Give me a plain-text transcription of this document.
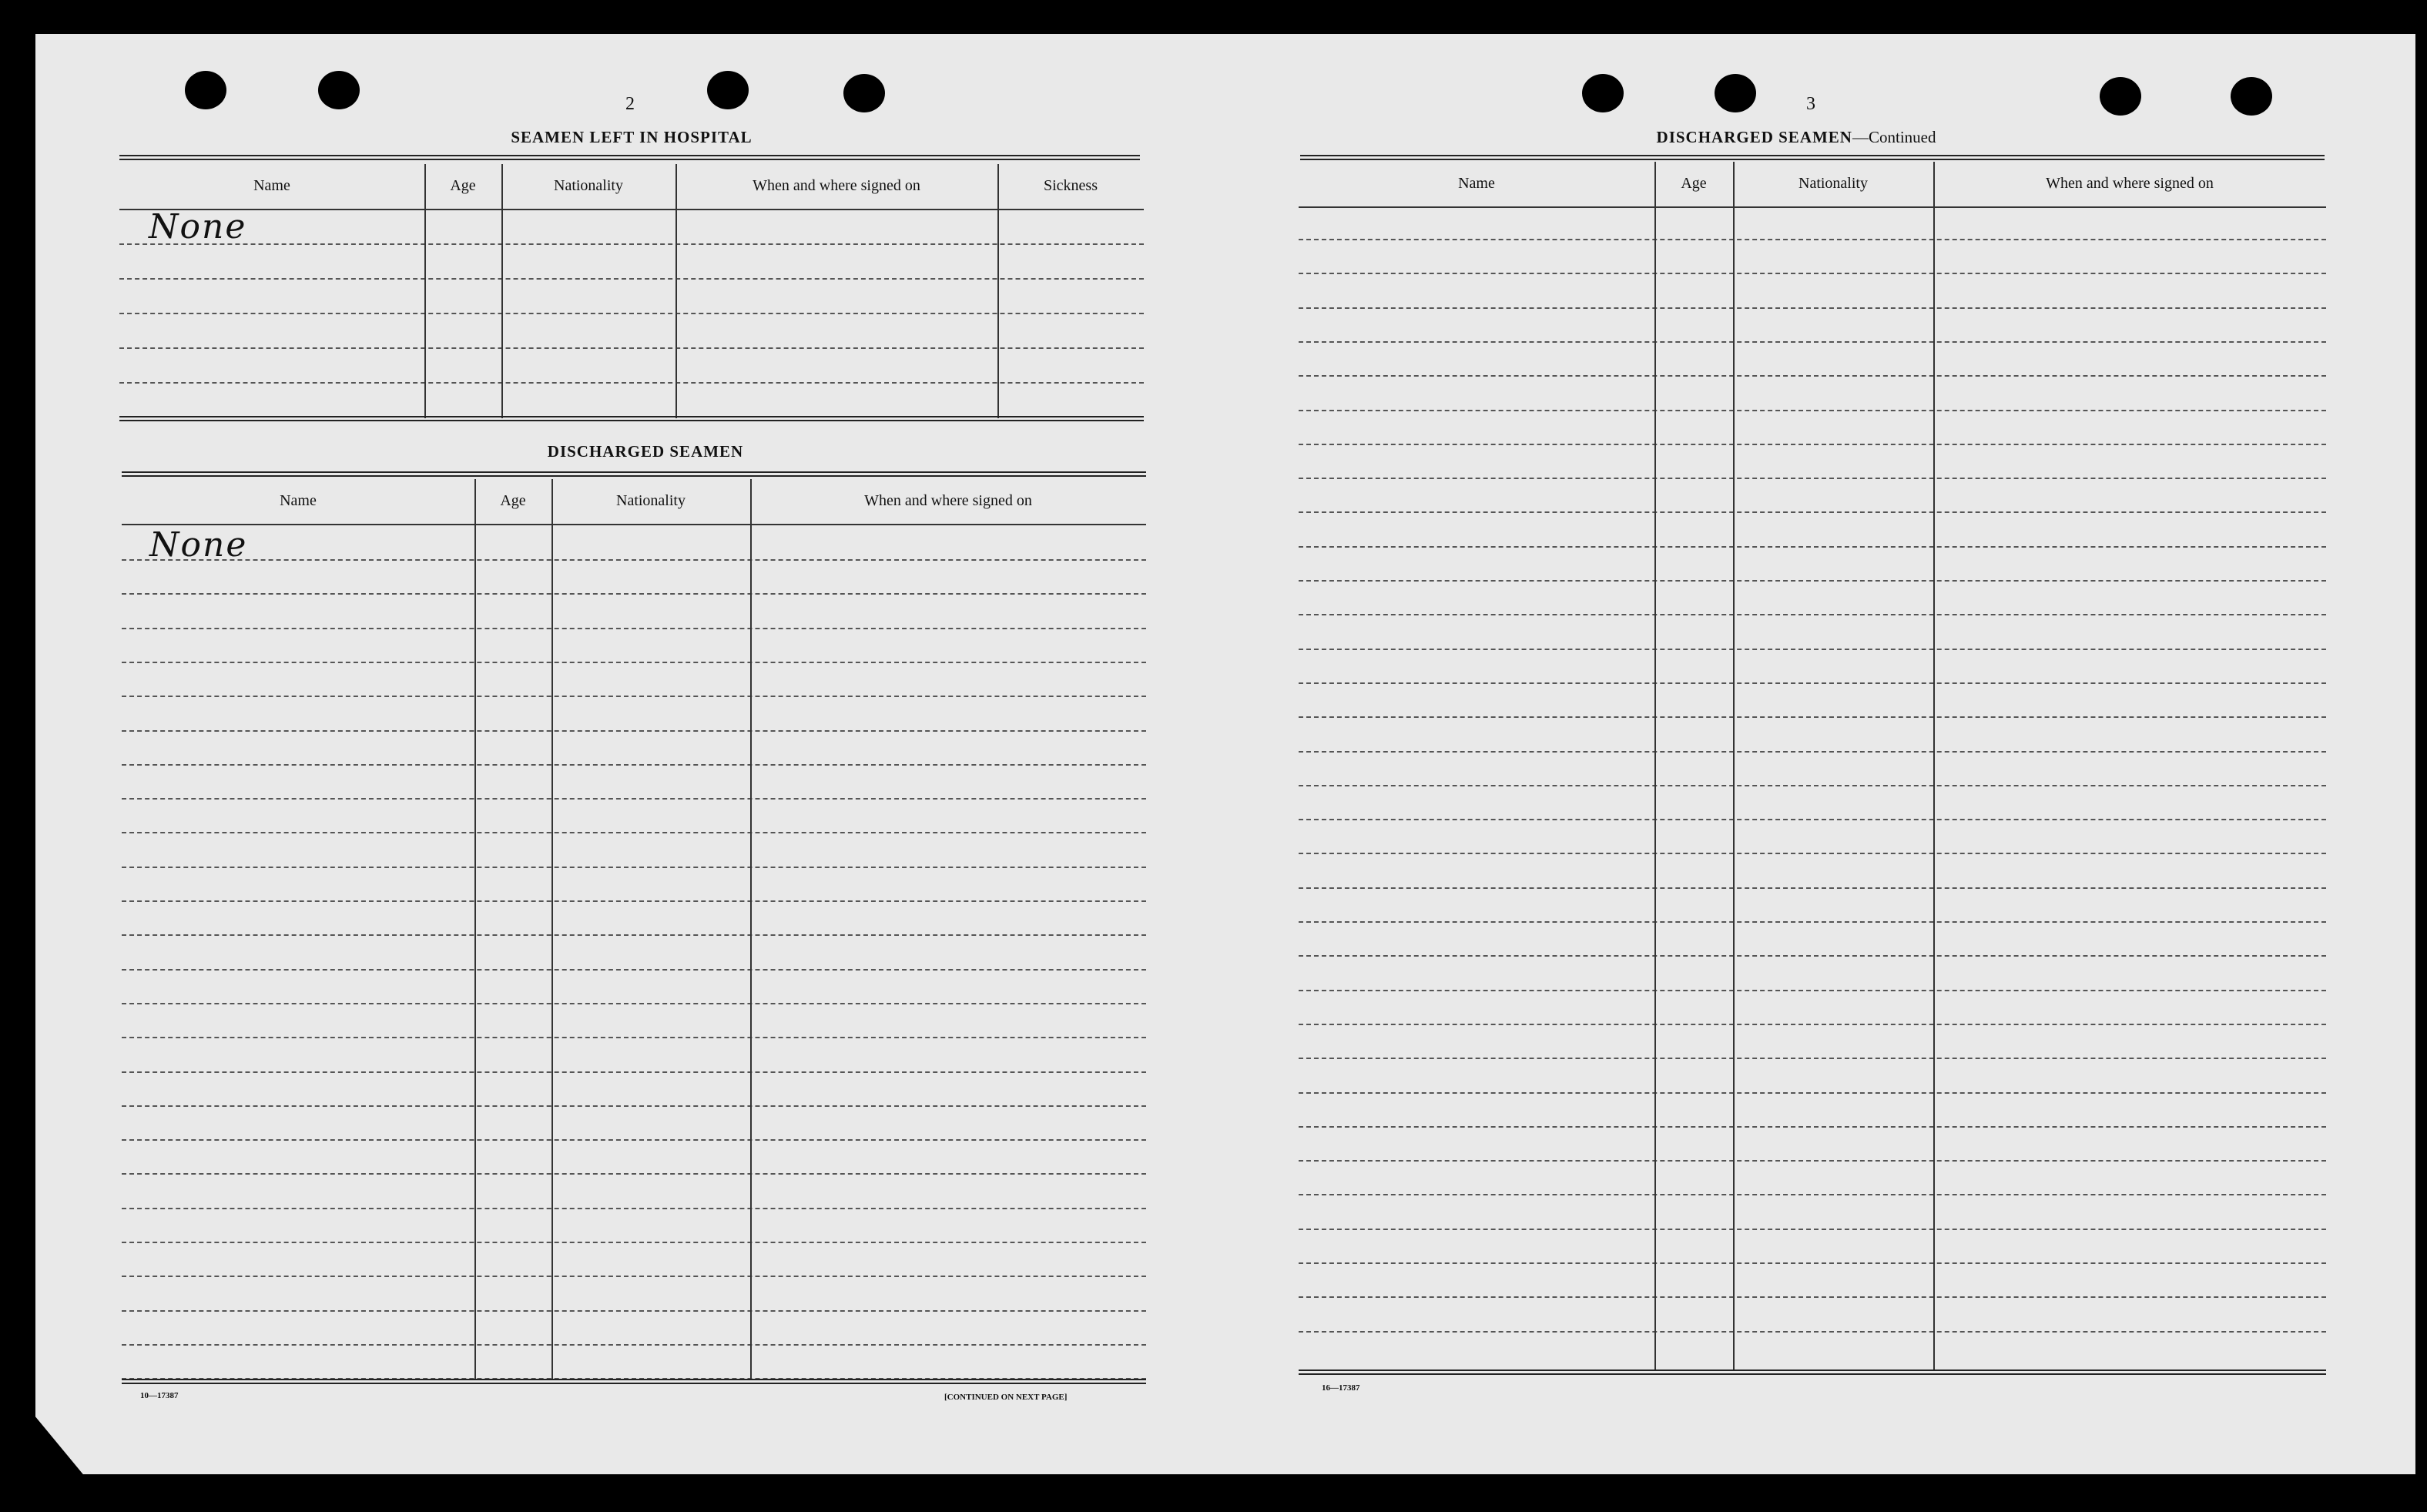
2
SEAMEN LEFT IN HOSPITAL
Name	Age	Nationality	When and where signed on	Sickness
None
DISCHARGED SEAMEN
Name	Age	Nationality	When and where signed on
None
10—17387	[CONTINUED ON NEXT PAGE]
3
DISCHARGED SEAMEN—Continued
Name	Age	Nationality	When and where signed on
16—17387
